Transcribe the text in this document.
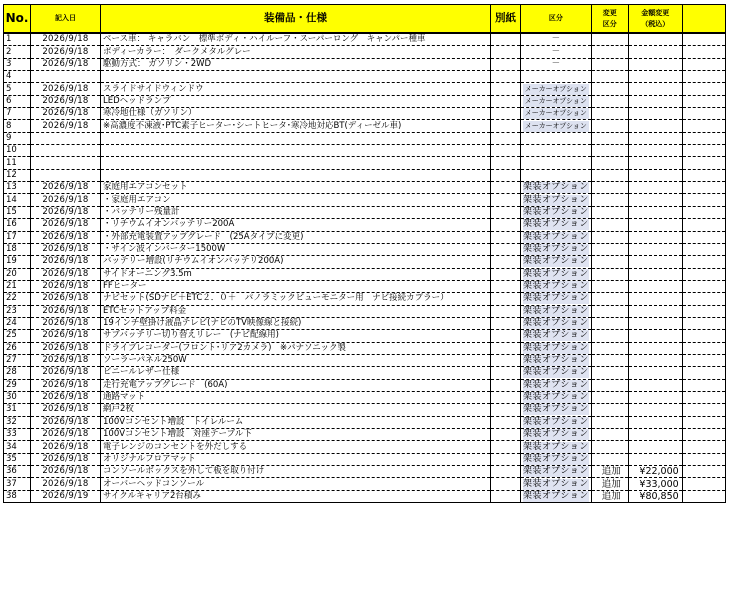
No.	記入日	装備品・仕様	別紙	区分	変更
区分	金額変更
（税込）	
1	2026/9/18	ベース車： キャラバン　標準ボディ・ハイルーフ・スーパーロング　キャンパー種車		－			
2	2026/9/18	ボディーカラー：　ダークメタルグレー		－			
3	2026/9/18	駆動方式： ガソリン・2WD		－			
4							
5	2026/9/18	スライドサイドウィンドウ		メーカーオプション			

6	2026/9/18	LEDヘッドランプ		メーカーオプション			

7	2026/9/18	寒冷地仕様（ガソリン）		メーカーオプション			

8	2026/9/18	※高濃度不凍液･PTC素子ヒーター･シートヒータ･寒冷地対応BT(ディーゼル車)		メーカーオプション			

9							
10							
11							
12							
13	2026/9/18	家庭用エアコンセット		架装オプション			

14	2026/9/18	・家庭用エアコン		架装オプション			

15	2026/9/18	・バッテリー残量計		架装オプション			

16	2026/9/18	・リチウムイオンバッテリー200A		架装オプション			

17	2026/9/18	・外部充電装置アップグレード　(25Aタイプに変更)		架装オプション			

18	2026/9/18	・サイン波インバーター1500W		架装オプション			

19	2026/9/18	バッテリー増設(リチウムイオンバッテリ200A)		架装オプション			

20	2026/9/18	サイドオーニング3.5m		架装オプション			

21	2026/9/18	FFヒーター		架装オプション			

22	2026/9/18	ナビセット(SDナビ＋ETC２．０＋　パノラミックビューモニター用　ナビ接続カプラー）		架装オプション			

23	2026/9/18	ETCセットアップ料金		架装オプション			

24	2026/9/18	19インチ壁掛け液晶テレビ(ナビのTV映像線と接続)		架装オプション			

25	2026/9/18	サブバッテリー切り替えリレー　(ナビ配線用)		架装オプション			

26	2026/9/18	ドライブレコーダー(フロント･リア2カメラ)　※パナソニック製		架装オプション			

27	2026/9/18	ソーラーパネル250W		架装オプション			

28	2026/9/18	ビニールレザー仕様		架装オプション			

29	2026/9/18	走行充電アップグレード　(60A)		架装オプション			

30	2026/9/18	通路マット		架装オプション			

31	2026/9/18	網戸2枚		架装オプション			

32	2026/9/18	100Vコンセント増設　トイレルーム		架装オプション			

33	2026/9/18	100Vコンセント増設　対座テーブル下		架装オプション			

34	2026/9/18	電子レンジのコンセントを外だしする		架装オプション			

35	2026/9/18	オリジナルフロアマット		架装オプション			

36	2026/9/18	コンソールボックスを外して板を取り付け		架装オプション	追加	¥22,000	
37	2026/9/18	オーバーヘッドコンソール		架装オプション	追加	¥33,000	
38	2026/9/19	サイクルキャリア2台積み		架装オプション	追加	¥80,850	
